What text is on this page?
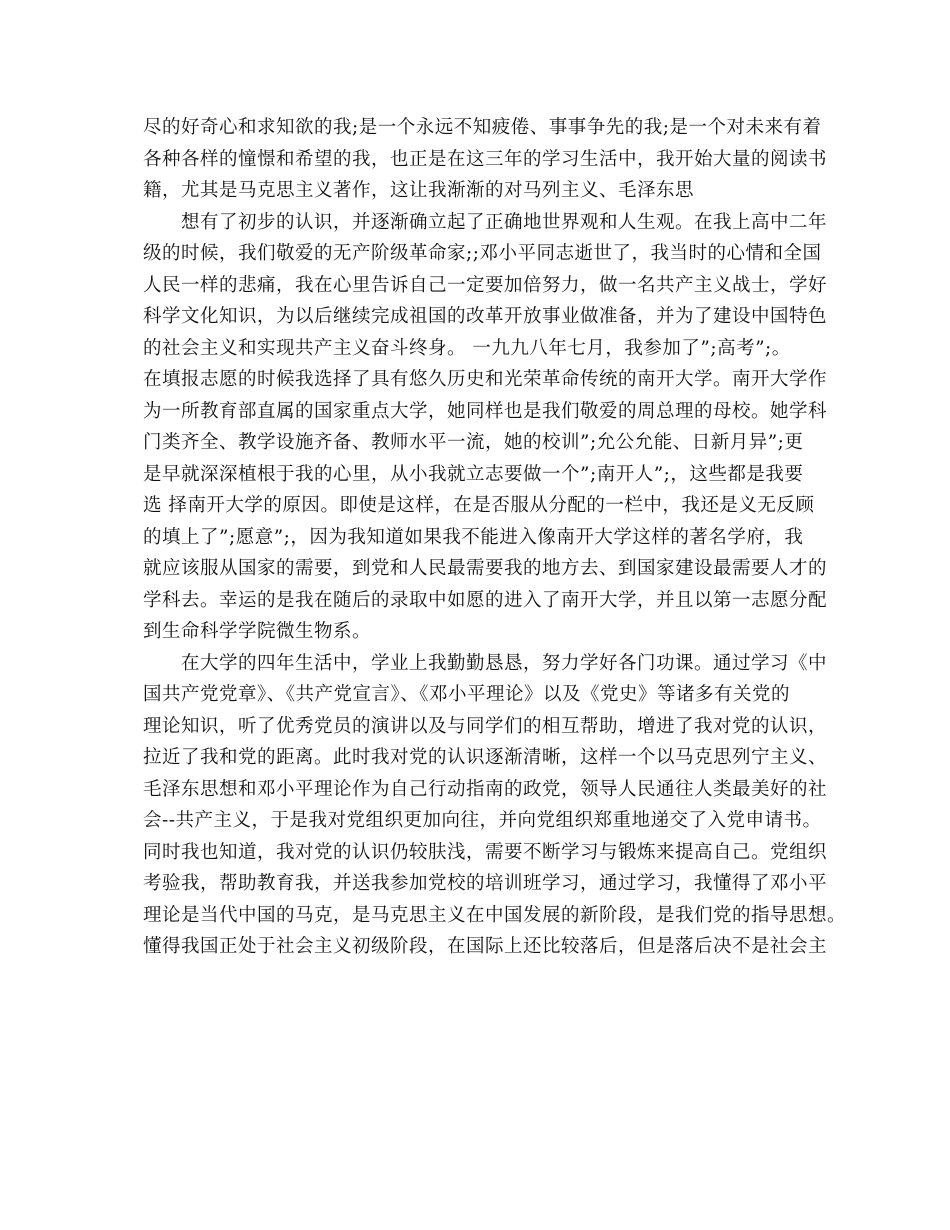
尽的好奇心和求知欲的我;是一个永远不知疲倦、事事争先的我;是一个对未来有着
各种各样的憧憬和希望的我，也正是在这三年的学习生活中，我开始大量的阅读书
籍，尤其是马克思主义著作，这让我渐渐的对马列主义、毛泽东思
　　想有了初步的认识，并逐渐确立起了正确地世界观和人生观。在我上高中二年
级的时候，我们敬爱的无产阶级革命家;;邓小平同志逝世了，我当时的心情和全国
人民一样的悲痛，我在心里告诉自己一定要加倍努力，做一名共产主义战士，学好
科学文化知识，为以后继续完成祖国的改革开放事业做准备，并为了建设中国特色
的社会主义和实现共产主义奋斗终身。 一九九八年七月，我参加了”;高考”;。
在填报志愿的时候我选择了具有悠久历史和光荣革命传统的南开大学。南开大学作
为一所教育部直属的国家重点大学，她同样也是我们敬爱的周总理的母校。她学科
门类齐全、教学设施齐备、教师水平一流，她的校训”;允公允能、日新月异”;更
是早就深深植根于我的心里，从小我就立志要做一个”;南开人”;，这些都是我要
选 择南开大学的原因。即使是这样，在是否服从分配的一栏中，我还是义无反顾
的填上了”;愿意”;，因为我知道如果我不能进入像南开大学这样的著名学府，我
就应该服从国家的需要，到党和人民最需要我的地方去、到国家建设最需要人才的
学科去。幸运的是我在随后的录取中如愿的进入了南开大学，并且以第一志愿分配
到生命科学学院微生物系。
　　在大学的四年生活中，学业上我勤勤恳恳，努力学好各门功课。通过学习《中
国共产党党章》、《共产党宣言》、《邓小平理论》以及《党史》等诸多有关党的
理论知识，听了优秀党员的演讲以及与同学们的相互帮助，增进了我对党的认识，
拉近了我和党的距离。此时我对党的认识逐渐清晰，这样一个以马克思列宁主义、
毛泽东思想和邓小平理论作为自己行动指南的政党，领导人民通往人类最美好的社
会--共产主义，于是我对党组织更加向往，并向党组织郑重地递交了入党申请书。
同时我也知道，我对党的认识仍较肤浅，需要不断学习与锻炼来提高自己。党组织
考验我，帮助教育我，并送我参加党校的培训班学习，通过学习，我懂得了邓小平
理论是当代中国的马克，是马克思主义在中国发展的新阶段，是我们党的指导思想。
懂得我国正处于社会主义初级阶段，在国际上还比较落后，但是落后决不是社会主
